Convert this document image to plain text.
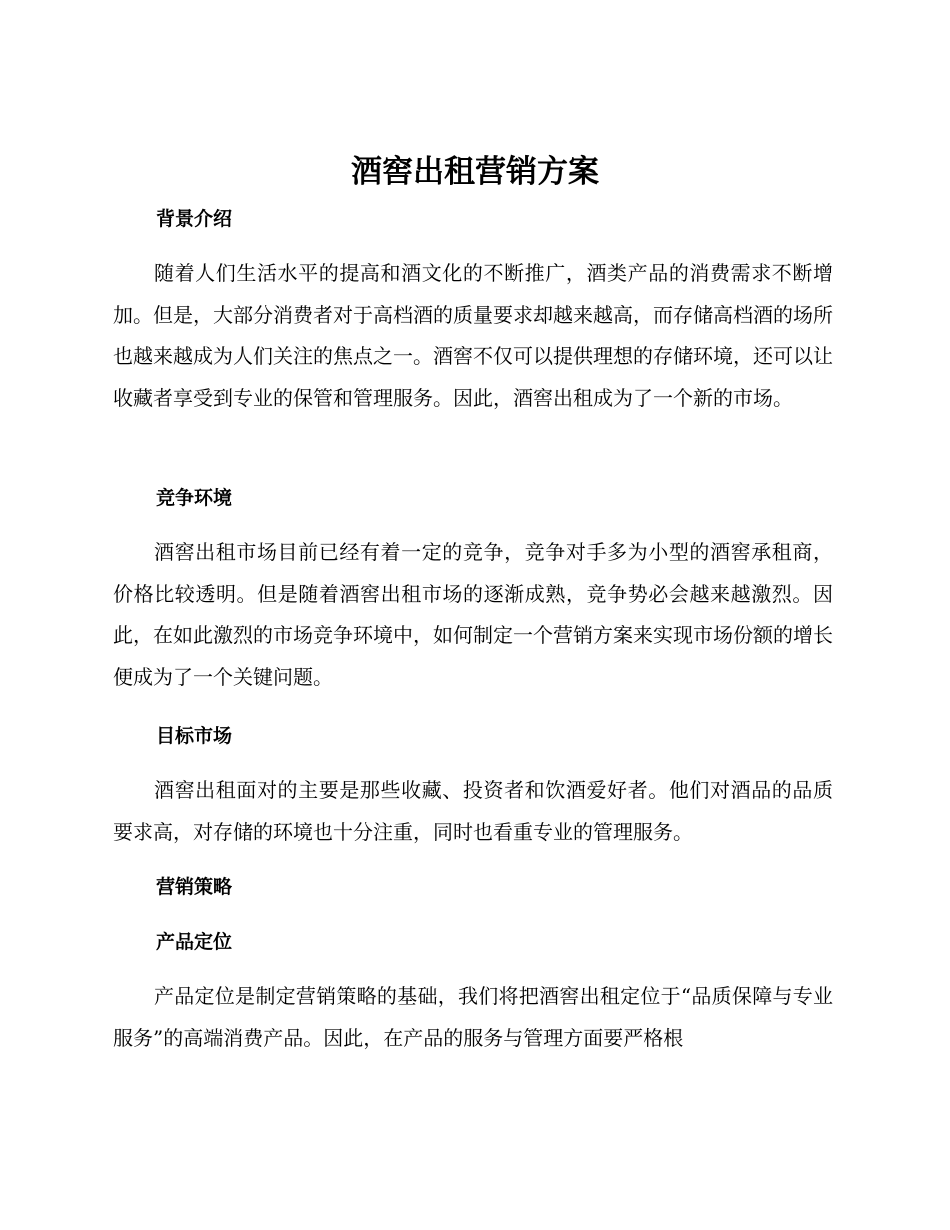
酒窖出租营销方案
背景介绍
随着人们生活水平的提高和酒文化的不断推广，酒类产品的消费需求不断增加。但是，大部分消费者对于高档酒的质量要求却越来越高，而存储高档酒的场所也越来越成为人们关注的焦点之一。酒窖不仅可以提供理想的存储环境，还可以让收藏者享受到专业的保管和管理服务。因此，酒窖出租成为了一个新的市场。
竞争环境
酒窖出租市场目前已经有着一定的竞争，竞争对手多为小型的酒窖承租商，价格比较透明。但是随着酒窖出租市场的逐渐成熟，竞争势必会越来越激烈。因此，在如此激烈的市场竞争环境中，如何制定一个营销方案来实现市场份额的增长便成为了一个关键问题。
目标市场
酒窖出租面对的主要是那些收藏、投资者和饮酒爱好者。他们对酒品的品质要求高，对存储的环境也十分注重，同时也看重专业的管理服务。
营销策略
产品定位
产品定位是制定营销策略的基础，我们将把酒窖出租定位于“品质保障与专业服务”的高端消费产品。因此，在产品的服务与管理方面要严格根
